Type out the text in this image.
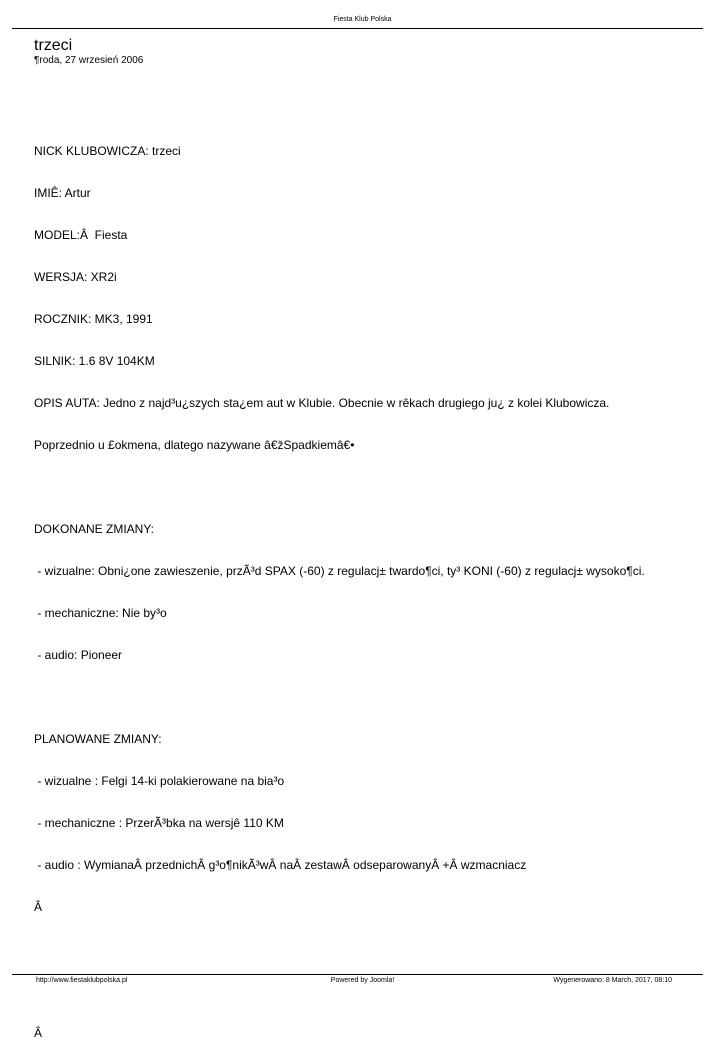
Fiesta Klub Polska
trzeci
¶roda, 27 wrzesień 2006

NICK KLUBOWICZA: trzeci

IMIÊ: Artur

MODEL:Â  Fiesta

WERSJA: XR2i

ROCZNIK: MK3, 1991

SILNIK: 1.6 8V 104KM

OPIS AUTA: Jedno z najd³u¿szych sta¿em aut w Klubie. Obecnie w rêkach drugiego ju¿ z kolei Klubowicza.

Poprzednio u £okmena, dlatego nazywane â€žSpadkiemâ€•

DOKONANE ZMIANY:

- wizualne: Obni¿one zawieszenie, przÃ³d SPAX (-60) z regulacj± twardo¶ci, ty³ KONI (-60) z regulacj± wysoko¶ci.

- mechaniczne: Nie by³o

- audio: Pioneer

PLANOWANE ZMIANY:

- wizualne : Felgi 14-ki polakierowane na bia³o

- mechaniczne : PrzerÃ³bka na wersjê 110 KM

- audio : WymianaÂ przednichÂ g³o¶nikÃ³wÂ naÂ zestawÂ odseparowanyÂ +Â wzmacniacz

Â

Â

http://www.fiestaklubpolska.pl	Powered by Joomla!	Wygenerowano: 8 March, 2017, 08:10
